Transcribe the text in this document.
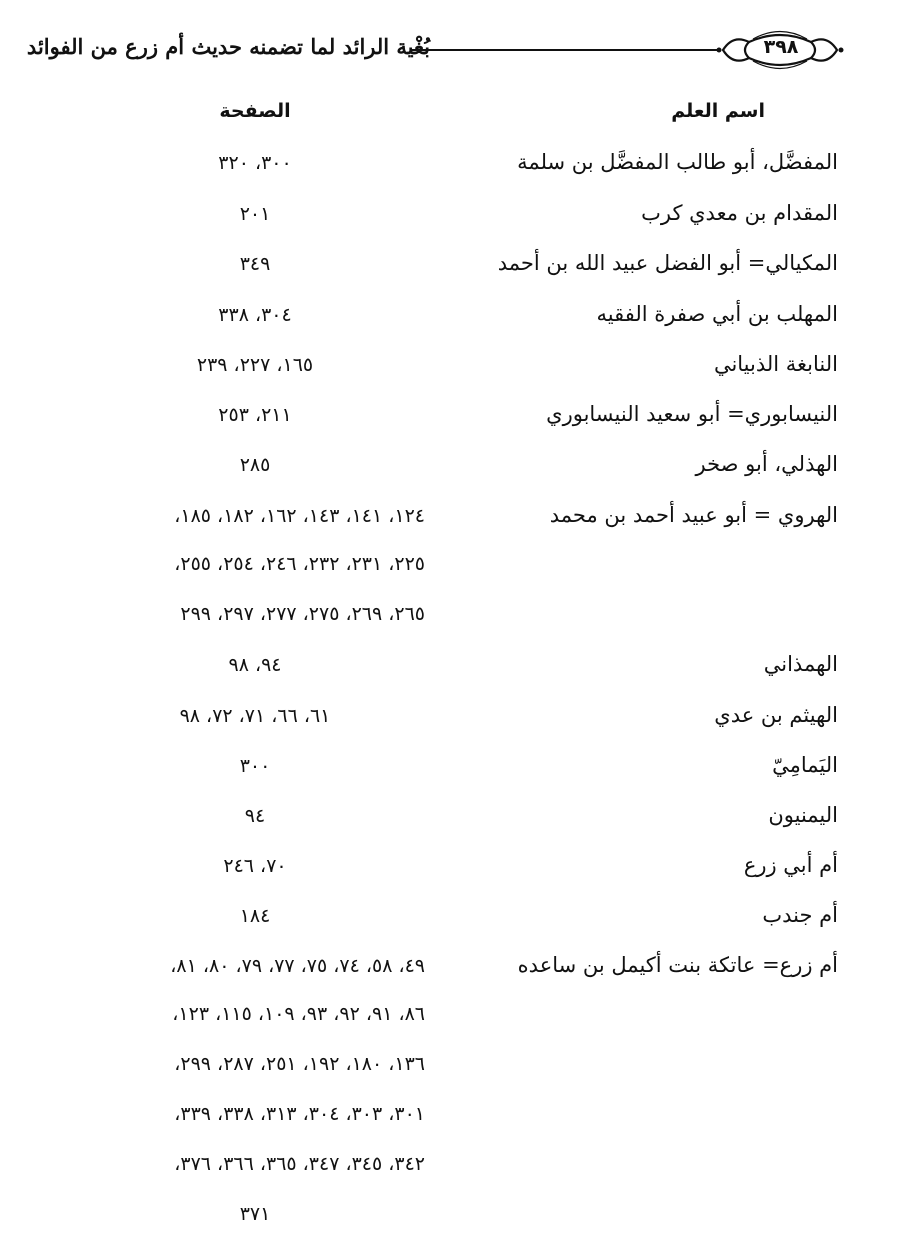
بُغْية الرائد لما تضمنه حديث أم زرع من الفوائد	٣٩٨
اسم العلم
الصفحة
المفضَّل، أبو طالب المفضَّل بن سلمة
٣٠٠، ٣٢٠
المقدام بن معدي كرب
٢٠١
المكيالي= أبو الفضل عبيد الله بن أحمد
٣٤٩
المهلب بن أبي صفرة الفقيه
٣٠٤، ٣٣٨
النابغة الذبياني
١٦٥، ٢٢٧، ٢٣٩
النيسابوري= أبو سعيد النيسابوري
٢١١، ٢٥٣
الهذلي، أبو صخر
٢٨٥
الهروي = أبو عبيد أحمد بن محمد
١٢٤، ١٤١، ١٤٣، ١٦٢، ١٨٢، ١٨٥،
٢٢٥، ٢٣١، ٢٣٢، ٢٤٦، ٢٥٤، ٢٥٥،
٢٦٥، ٢٦٩، ٢٧٥، ٢٧٧، ٢٩٧، ٢٩٩
الهمذاني
٩٤، ٩٨
الهيثم بن عدي
٦١، ٦٦، ٧١، ٧٢، ٩٨
اليَمامِيّ
٣٠٠
اليمنيون
٩٤
أم أبي زرع
٧٠، ٢٤٦
أم جندب
١٨٤
أم زرع= عاتكة بنت أكيمل بن ساعده
٤٩، ٥٨، ٧٤، ٧٥، ٧٧، ٧٩، ٨٠، ٨١،
٨٦، ٩١، ٩٢، ٩٣، ١٠٩، ١١٥، ١٢٣،
١٣٦، ١٨٠، ١٩٢، ٢٥١، ٢٨٧، ٢٩٩،
٣٠١، ٣٠٣، ٣٠٤، ٣١٣، ٣٣٨، ٣٣٩،
٣٤٢، ٣٤٥، ٣٤٧، ٣٦٥، ٣٦٦، ٣٧٦،
٣٧١
